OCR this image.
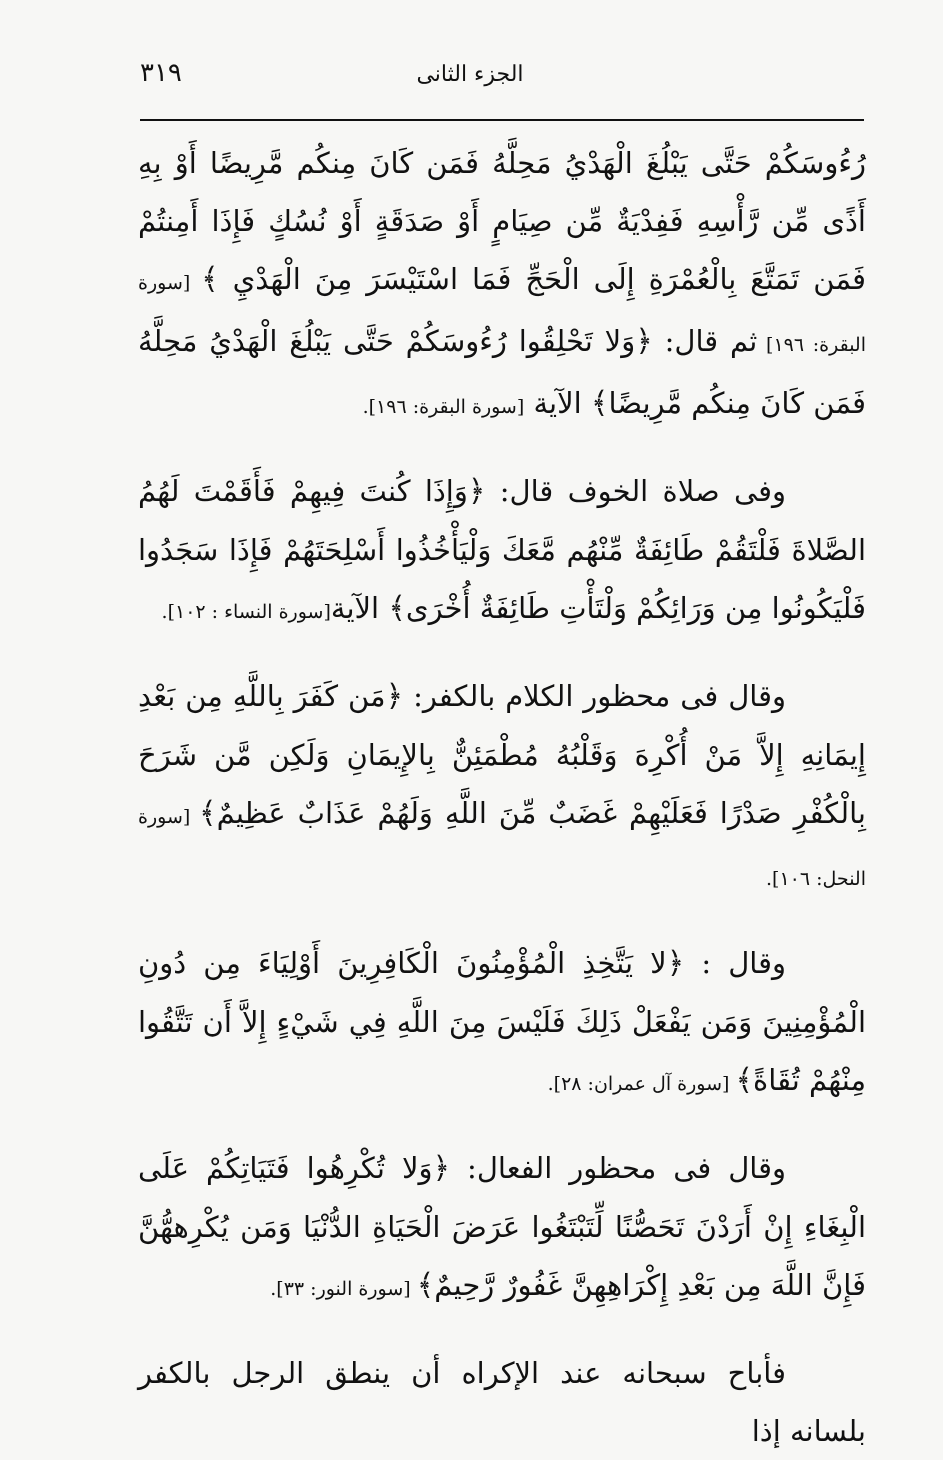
الجزء الثانى
٣١٩

رُءُوسَكُمْ حَتَّى يَبْلُغَ الْهَدْيُ مَحِلَّهُ فَمَن كَانَ مِنكُم مَّرِيضًا أَوْ بِهِ أَذًى مِّن رَّأْسِهِ فَفِدْيَةٌ مِّن صِيَامٍ أَوْ صَدَقَةٍ أَوْ نُسُكٍ فَإِذَا أَمِنتُمْ فَمَن تَمَتَّعَ بِالْعُمْرَةِ إِلَى الْحَجِّ فَمَا اسْتَيْسَرَ مِنَ الْهَدْيِ ﴾ [سورة البقرة: ١٩٦] ثم قال: ﴿وَلا تَحْلِقُوا رُءُوسَكُمْ حَتَّى يَبْلُغَ الْهَدْيُ مَحِلَّهُ فَمَن كَانَ مِنكُم مَّرِيضًا﴾ الآية [سورة البقرة: ١٩٦].

وفى صلاة الخوف قال: ﴿وَإِذَا كُنتَ فِيهِمْ فَأَقَمْتَ لَهُمُ الصَّلاةَ فَلْتَقُمْ طَائِفَةٌ مِّنْهُم مَّعَكَ وَلْيَأْخُذُوا أَسْلِحَتَهُمْ فَإِذَا سَجَدُوا فَلْيَكُونُوا مِن وَرَائِكُمْ وَلْتَأْتِ طَائِفَةٌ أُخْرَى﴾ الآية[سورة النساء : ١٠٢].

وقال فى محظور الكلام بالكفر: ﴿مَن كَفَرَ بِاللَّهِ مِن بَعْدِ إِيمَانِهِ إِلاَّ مَنْ أُكْرِهَ وَقَلْبُهُ مُطْمَئِنٌّ بِالإِيمَانِ وَلَكِن مَّن شَرَحَ بِالْكُفْرِ صَدْرًا فَعَلَيْهِمْ غَضَبٌ مِّنَ اللَّهِ وَلَهُمْ عَذَابٌ عَظِيمٌ﴾ [سورة النحل: ١٠٦].

وقال : ﴿لا يَتَّخِذِ الْمُؤْمِنُونَ الْكَافِرِينَ أَوْلِيَاءَ مِن دُونِ الْمُؤْمِنِينَ وَمَن يَفْعَلْ ذَلِكَ فَلَيْسَ مِنَ اللَّهِ فِي شَيْءٍ إِلاَّ أَن تَتَّقُوا مِنْهُمْ تُقَاةً﴾ [سورة آل عمران: ٢٨].

وقال فى محظور الفعال: ﴿وَلا تُكْرِهُوا فَتَيَاتِكُمْ عَلَى الْبِغَاءِ إِنْ أَرَدْنَ تَحَصُّنًا لِّتَبْتَغُوا عَرَضَ الْحَيَاةِ الدُّنْيَا وَمَن يُكْرِههُّنَّ فَإِنَّ اللَّهَ مِن بَعْدِ إِكْرَاهِهِنَّ غَفُورٌ رَّحِيمٌ﴾ [سورة النور: ٣٣].

فأباح سبحانه عند الإكراه أن ينطق الرجل بالكفر بلسانه إذا
